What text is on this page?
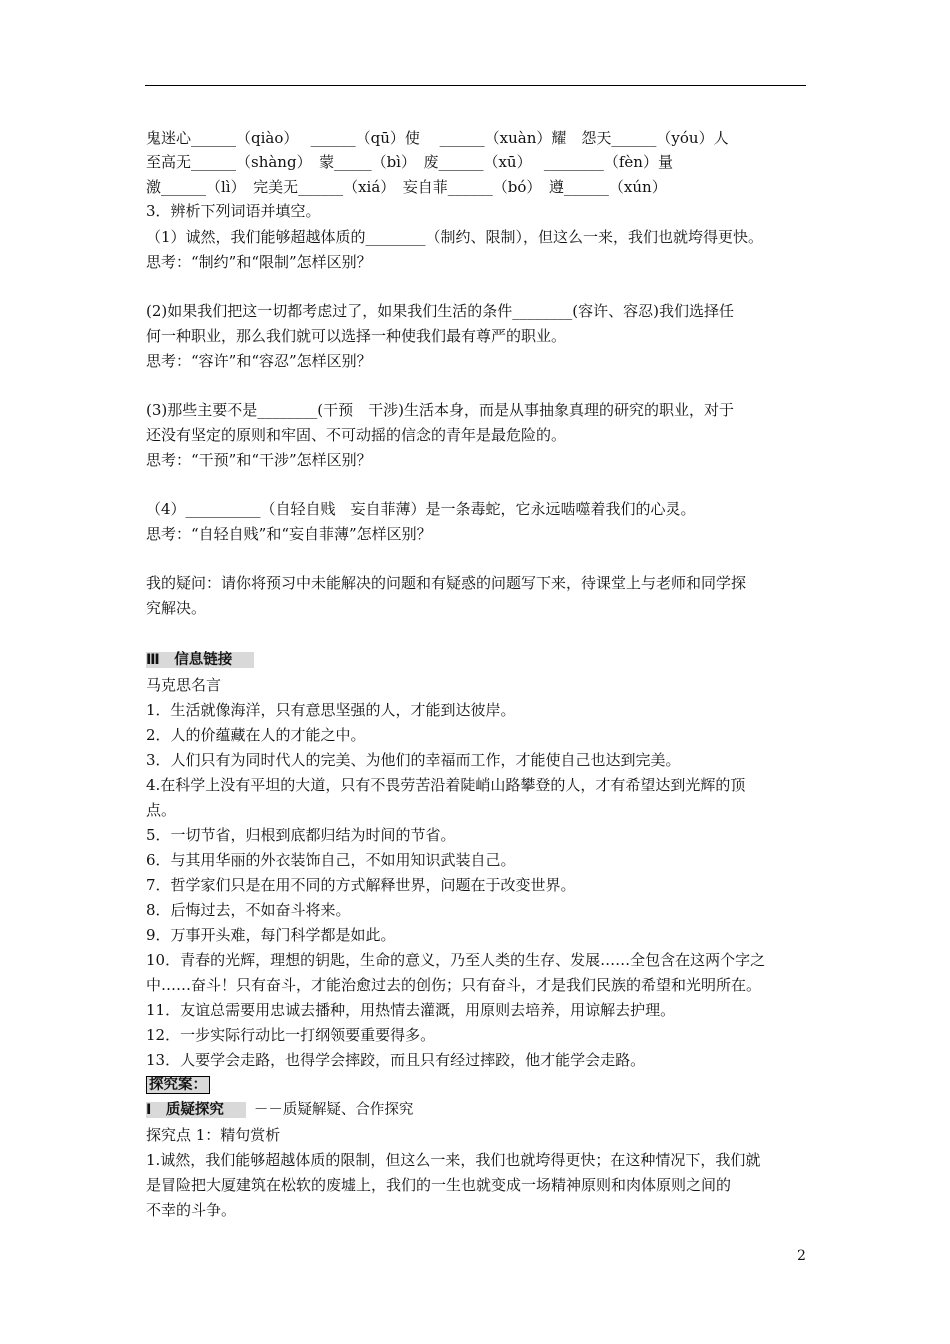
鬼迷心______（qiào）　 ______（qū）使　 ______（xuàn）耀　怨天______（yóu）人
至高无______（shàng）　蒙_____（bì）　废______（xū）　 ________（fèn）量
激______（lì）　完美无______（xiá）　妄自菲______（bó）　遵______（xún）
3．辨析下列词语并填空。
（1）诚然，我们能够超越体质的________（制约、限制），但这么一来，我们也就垮得更快。
思考：“制约”和“限制”怎样区别？
(2)如果我们把这一切都考虑过了，如果我们生活的条件________(容许、容忍)我们选择任
何一种职业，那么我们就可以选择一种使我们最有尊严的职业。
思考：“容许”和“容忍”怎样区别？
(3)那些主要不是________(干预　干涉)生活本身，而是从事抽象真理的研究的职业，对于
还没有坚定的原则和牢固、不可动摇的信念的青年是最危险的。
思考：“干预”和“干涉”怎样区别？
（4）__________（自轻自贱　妄自菲薄）是一条毒蛇，它永远啮噬着我们的心灵。
思考：“自轻自贱”和“妄自菲薄”怎样区别？
我的疑问：请你将预习中未能解决的问题和有疑惑的问题写下来，待课堂上与老师和同学探
究解决。
Ⅲ　信息链接
马克思名言
1．生活就像海洋，只有意思坚强的人，才能到达彼岸。
2．人的价蕴藏在人的才能之中。
3．人们只有为同时代人的完美、为他们的幸福而工作，才能使自己也达到完美。
4.在科学上没有平坦的大道，只有不畏劳苦沿着陡峭山路攀登的人，才有希望达到光辉的顶
点。
5．一切节省，归根到底都归结为时间的节省。
6．与其用华丽的外衣装饰自己，不如用知识武装自己。
7．哲学家们只是在用不同的方式解释世界，问题在于改变世界。
8．后悔过去，不如奋斗将来。
9．万事开头难，每门科学都是如此。
10．青春的光辉，理想的钥匙，生命的意义，乃至人类的生存、发展……全包含在这两个字之
中……奋斗！只有奋斗，才能治愈过去的创伤；只有奋斗，才是我们民族的希望和光明所在。
11．友谊总需要用忠诚去播种，用热情去灌溉，用原则去培养，用谅解去护理。
12．一步实际行动比一打纲领要重要得多。
13．人要学会走路，也得学会摔跤，而且只有经过摔跤，他才能学会走路。
探究案：
Ⅰ　质疑探究 －－质疑解疑、合作探究
探究点 1：精句赏析
1.诚然，我们能够超越体质的限制，但这么一来，我们也就垮得更快；在这种情况下，我们就
是冒险把大厦建筑在松软的废墟上，我们的一生也就变成一场精神原则和肉体原则之间的
不幸的斗争。
2
